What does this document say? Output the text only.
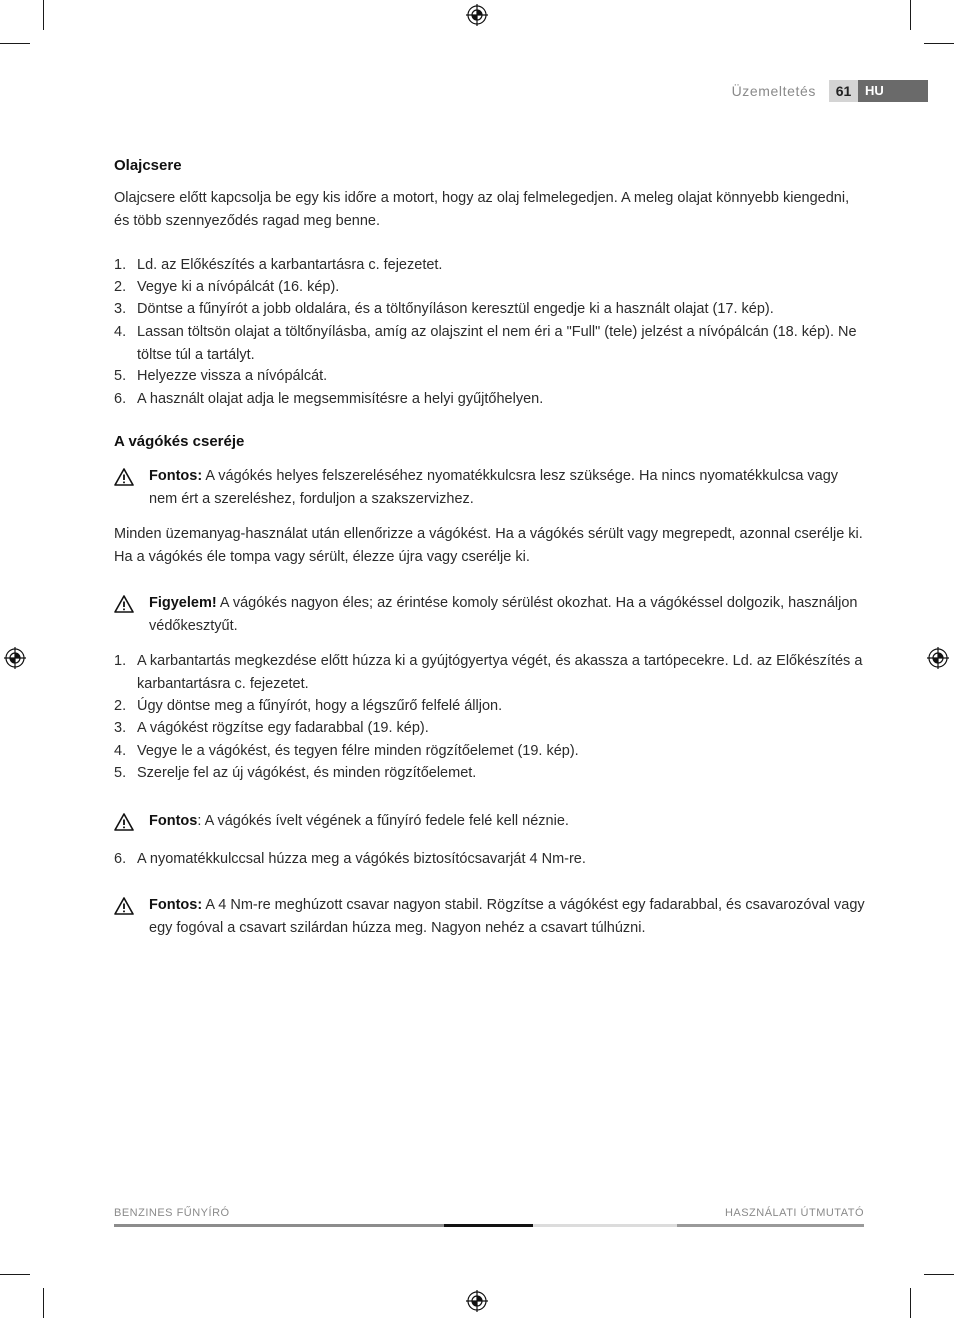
Üzemeltetés	61	HU
Olajcsere
Olajcsere előtt kapcsolja be egy kis időre a motort, hogy az olaj felmelegedjen. A meleg olajat könnyebb kiengedni, és több szennyeződés ragad meg benne.
1. Ld. az Előkészítés a karbantartásra c. fejezetet.
2. Vegye ki a nívópálcát (16. kép).
3. Döntse a fűnyírót a jobb oldalára, és a töltőnyíláson keresztül engedje ki a használt olajat (17. kép).
4. Lassan töltsön olajat a töltőnyílásba, amíg az olajszint el nem éri a "Full" (tele) jelzést a nívópálcán (18. kép). Ne töltse túl a tartályt.
5. Helyezze vissza a nívópálcát.
6. A használt olajat adja le megsemmisítésre a helyi gyűjtőhelyen.
A vágókés cseréje
Fontos: A vágókés helyes felszereléséhez nyomatékkulcsra lesz szüksége. Ha nincs nyomatékkulcsa vagy nem ért a szereléshez, forduljon a szakszervizhez.
Minden üzemanyag-használat után ellenőrizze a vágókést. Ha a vágókés sérült vagy megrepedt, azonnal cserélje ki. Ha a vágókés éle tompa vagy sérült, élezze újra vagy cserélje ki.
Figyelem! A vágókés nagyon éles; az érintése komoly sérülést okozhat. Ha a vágókéssel dolgozik, használjon védőkesztyűt.
1. A karbantartás megkezdése előtt húzza ki a gyújtógyertya végét, és akassza a tartópecekre. Ld. az Előkészítés a karbantartásra c. fejezetet.
2. Úgy döntse meg a fűnyírót, hogy a légszűrő felfelé álljon.
3. A vágókést rögzítse egy fadarabbal (19. kép).
4. Vegye le a vágókést, és tegyen félre minden rögzítőelemet (19. kép).
5. Szerelje fel az új vágókést, és minden rögzítőelemet.
Fontos: A vágókés ívelt végének a fűnyíró fedele felé kell néznie.
6. A nyomatékkulccsal húzza meg a vágókés biztosítócsavarját 4 Nm-re.
Fontos: A 4 Nm-re meghúzott csavar nagyon stabil. Rögzítse a vágókést egy fadarabbal, és csavarozóval vagy egy fogóval a csavart szilárdan húzza meg. Nagyon nehéz a csavart túlhúzni.
BENZINES FŰNYÍRÓ	HASZNÁLATI ÚTMUTATÓ
